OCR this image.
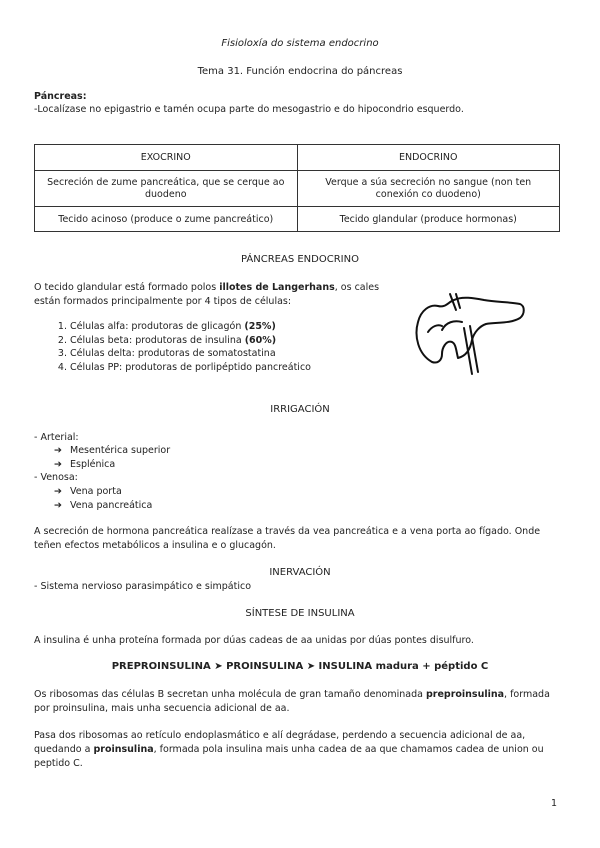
Fisioloxía do sistema endocrino
Tema 31. Función endocrina do páncreas
Páncreas:
-Localízase no epigastrio e tamén ocupa parte do mesogastrio e do hipocondrio esquerdo.
EXOCRINO	ENDOCRINO
Secreción de zume pancreática, que se cerque ao duodeno	Verque a súa secreción no sangue (non ten conexión co duodeno)
Tecido acinoso (produce o zume pancreático)	Tecido glandular (produce hormonas)
PÁNCREAS ENDOCRINO
O tecido glandular está formado polos illotes de Langerhans, os cales están formados principalmente por 4 tipos de células:
1. Células alfa: produtoras de glicagón (25%)
2. Células beta: produtoras de insulina (60%)
3. Células delta: produtoras de somatostatina
4. Células PP: produtoras de porlipéptido pancreático
IRRIGACIÓN
- Arterial:
➔ Mesentérica superior
➔ Esplénica
- Venosa:
➔ Vena porta
➔ Vena pancreática
A secreción de hormona pancreática realízase a través da vea pancreática e a vena porta ao fígado. Onde teñen efectos metabólicos a insulina e o glucagón.
INERVACIÓN
- Sistema nervioso parasimpático e simpático
SÍNTESE DE INSULINA
A insulina é unha proteína formada por dúas cadeas de aa unidas por dúas pontes disulfuro.
PREPROINSULINA ➤ PROINSULINA ➤ INSULINA madura + péptido C
Os ribosomas das células B secretan unha molécula de gran tamaño denominada preproinsulina, formada por proinsulina, mais unha secuencia adicional de aa.
Pasa dos ribosomas ao retículo endoplasmático e alí degrádase, perdendo a secuencia adicional de aa, quedando a proinsulina, formada pola insulina mais unha cadea de aa que chamamos cadea de union ou peptido C.
1
